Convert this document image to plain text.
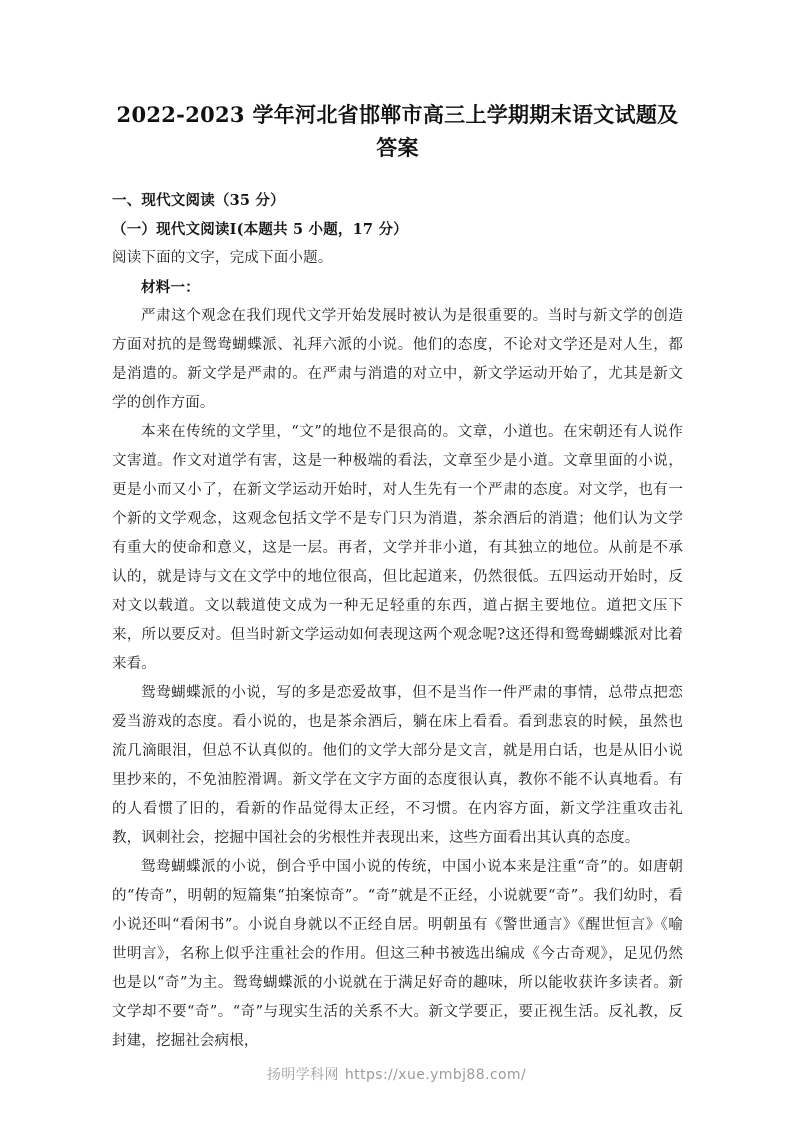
2022-2023 学年河北省邯郸市高三上学期期末语文试题及答案

一、现代文阅读（35 分）

（一）现代文阅读Ⅰ(本题共 5 小题，17 分）

阅读下面的文字，完成下面小题。

材料一：

严肃这个观念在我们现代文学开始发展时被认为是很重要的。当时与新文学的创造方面对抗的是鸳鸯蝴蝶派、礼拜六派的小说。他们的态度，不论对文学还是对人生，都是消遣的。新文学是严肃的。在严肃与消遣的对立中，新文学运动开始了，尤其是新文学的创作方面。

本来在传统的文学里，“文”的地位不是很高的。文章，小道也。在宋朝还有人说作文害道。作文对道学有害，这是一种极端的看法，文章至少是小道。文章里面的小说，更是小而又小了，在新文学运动开始时，对人生先有一个严肃的态度。对文学，也有一个新的文学观念，这观念包括文学不是专门只为消遣，茶余酒后的消遣；他们认为文学有重大的使命和意义，这是一层。再者，文学并非小道，有其独立的地位。从前是不承认的，就是诗与文在文学中的地位很高，但比起道来，仍然很低。五四运动开始时，反对文以载道。文以载道使文成为一种无足轻重的东西，道占据主要地位。道把文压下来，所以要反对。但当时新文学运动如何表现这两个观念呢?这还得和鸳鸯蝴蝶派对比着来看。

鸳鸯蝴蝶派的小说，写的多是恋爱故事，但不是当作一件严肃的事情，总带点把恋爱当游戏的态度。看小说的，也是茶余酒后，躺在床上看看。看到悲哀的时候，虽然也流几滴眼泪，但总不认真似的。他们的文学大部分是文言，就是用白话，也是从旧小说里抄来的，不免油腔滑调。新文学在文字方面的态度很认真，教你不能不认真地看。有的人看惯了旧的，看新的作品觉得太正经，不习惯。在内容方面，新文学注重攻击礼教，讽刺社会，挖掘中国社会的劣根性并表现出来，这些方面看出其认真的态度。

鸳鸯蝴蝶派的小说，倒合乎中国小说的传统，中国小说本来是注重“奇”的。如唐朝的“传奇”，明朝的短篇集“拍案惊奇”。“奇”就是不正经，小说就要“奇”。我们幼时，看小说还叫“看闲书”。小说自身就以不正经自居。明朝虽有《警世通言》《醒世恒言》《喻世明言》，名称上似乎注重社会的作用。但这三种书被选出编成《今古奇观》，足见仍然也是以“奇”为主。鸳鸯蝴蝶派的小说就在于满足好奇的趣味，所以能收获许多读者。新文学却不要“奇”。“奇”与现实生活的关系不大。新文学要正，要正视生活。反礼教，反封建，挖掘社会病根，

扬明学科网 https://xue.ymbj88.com/
